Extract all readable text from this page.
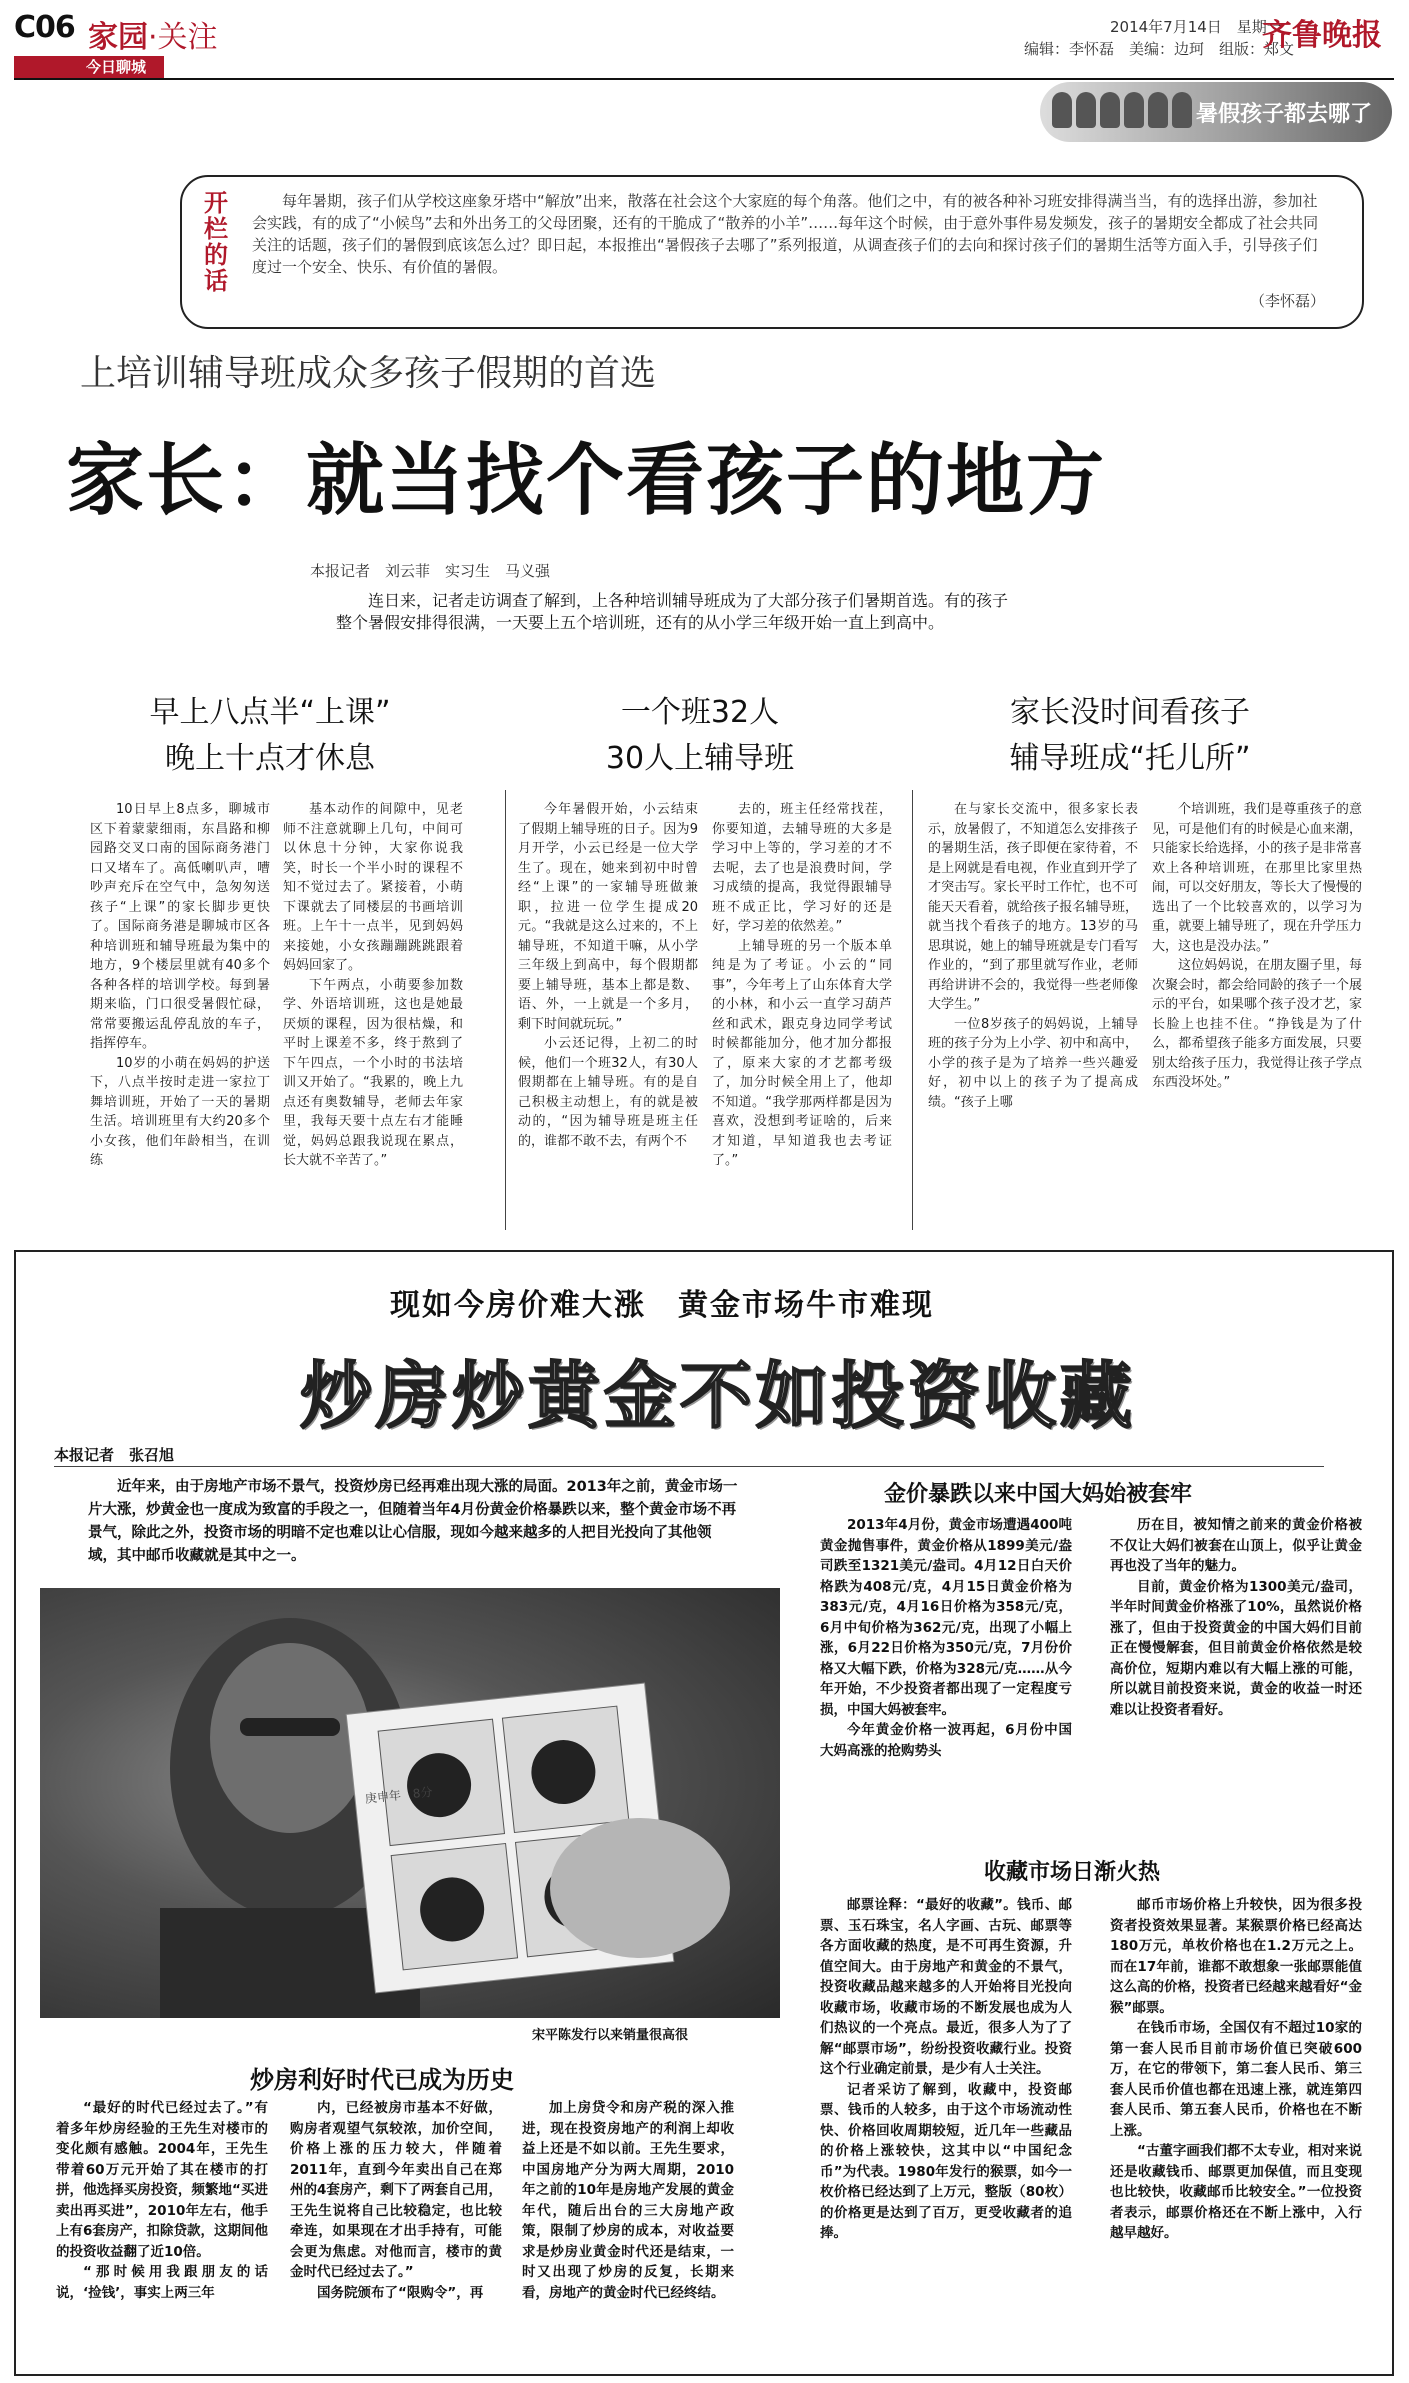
C06 家园·关注
今日聊城
2014年7月14日　星期一
编辑：李怀磊　美编：边珂　组版：郑文
齐鲁晚报
暑假孩子都去哪了
开栏的话
每年暑期，孩子们从学校这座象牙塔中“解放”出来，散落在社会这个大家庭的每个角落。他们之中，有的被各种补习班安排得满当当，有的选择出游，参加社会实践，有的成了“小候鸟”去和外出务工的父母团聚，还有的干脆成了“散养的小羊”……每年这个时候，由于意外事件易发频发，孩子的暑期安全都成了社会共同关注的话题，孩子们的暑假到底该怎么过？即日起，本报推出“暑假孩子去哪了”系列报道，从调查孩子们的去向和探讨孩子们的暑期生活等方面入手，引导孩子们度过一个安全、快乐、有价值的暑假。
（李怀磊）
上培训辅导班成众多孩子假期的首选
家长：就当找个看孩子的地方
本报记者　刘云菲　实习生　马义强
连日来，记者走访调查了解到，上各种培训辅导班成为了大部分孩子们暑期首选。有的孩子整个暑假安排得很满，一天要上五个培训班，还有的从小学三年级开始一直上到高中。
早上八点半“上课”
晚上十点才休息
一个班32人
30人上辅导班
家长没时间看孩子
辅导班成“托儿所”

10日早上8点多，聊城市区下着蒙蒙细雨，东昌路和柳园路交叉口南的国际商务港门口又堵车了。高低喇叭声，嘈吵声充斥在空气中，急匆匆送孩子“上课”的家长脚步更快了。国际商务港是聊城市区各种培训班和辅导班最为集中的地方，9个楼层里就有40多个各种各样的培训学校。每到暑期来临，门口很受暑假忙碌，常常要搬运乱停乱放的车子，指挥停车。

10岁的小萌在妈妈的护送下，八点半按时走进一家拉丁舞培训班，开始了一天的暑期生活。培训班里有大约20多个小女孩，他们年龄相当，在训练

基本动作的间隙中，见老师不注意就聊上几句，中间可以休息十分钟，大家你说我笑，时长一个半小时的课程不知不觉过去了。紧接着，小萌下课就去了同楼层的书画培训班。上午十一点半，见到妈妈来接她，小女孩蹦蹦跳跳跟着妈妈回家了。

下午两点，小萌要参加数学、外语培训班，这也是她最厌烦的课程，因为很枯燥，和平时上课差不多，终于熬到了下午四点，一个小时的书法培训又开始了。“我累的，晚上九点还有奥数辅导，老师去年家里，我每天要十点左右才能睡觉，妈妈总跟我说现在累点，长大就不辛苦了。”

今年暑假开始，小云结束了假期上辅导班的日子。因为9月开学，小云已经是一位大学生了。现在，她来到初中时曾经“上课”的一家辅导班做兼职，拉进一位学生提成20元。“我就是这么过来的，不上辅导班，不知道干嘛，从小学三年级上到高中，每个假期都要上辅导班，基本上都是数、语、外，一上就是一个多月，剩下时间就玩玩。”

小云还记得，上初二的时候，他们一个班32人，有30人假期都在上辅导班。有的是自己积极主动想上，有的就是被动的，“因为辅导班是班主任的，谁都不敢不去，有两个不

去的，班主任经常找茬，你要知道，去辅导班的大多是学习中上等的，学习差的才不去呢，去了也是浪费时间，学习成绩的提高，我觉得跟辅导班不成正比，学习好的还是好，学习差的依然差。”

上辅导班的另一个版本单纯是为了考证。小云的“同事”，今年考上了山东体育大学的小林，和小云一直学习葫芦丝和武术，跟克身边同学考试时候都能加分，他才加分都报了，原来大家的才艺都考级了，加分时候全用上了，他却不知道。“我学那两样都是因为喜欢，没想到考证啥的，后来才知道，早知道我也去考证了。”

在与家长交流中，很多家长表示，放暑假了，不知道怎么安排孩子的暑期生活，孩子即便在家待着，不是上网就是看电视，作业直到开学了才突击写。家长平时工作忙，也不可能天天看着，就给孩子报名辅导班，就当找个看孩子的地方。13岁的马思琪说，她上的辅导班就是专门看写作业的，“到了那里就写作业，老师再给讲讲不会的，我觉得一些老师像大学生。”

一位8岁孩子的妈妈说，上辅导班的孩子分为上小学、初中和高中，小学的孩子是为了培养一些兴趣爱好，初中以上的孩子为了提高成绩。“孩子上哪

个培训班，我们是尊重孩子的意见，可是他们有的时候是心血来潮，只能家长给选择，小的孩子是非常喜欢上各种培训班，在那里比家里热闹，可以交好朋友，等长大了慢慢的选出了一个比较喜欢的，以学习为重，就要上辅导班了，现在升学压力大，这也是没办法。”

这位妈妈说，在朋友圈子里，每次聚会时，都会给同龄的孩子一个展示的平台，如果哪个孩子没才艺，家长脸上也挂不住。“挣钱是为了什么，都希望孩子能多方面发展，只要别太给孩子压力，我觉得让孩子学点东西没坏处。”

现如今房价难大涨　黄金市场牛市难现
炒房炒黄金不如投资收藏
本报记者　张召旭
近年来，由于房地产市场不景气，投资炒房已经再难出现大涨的局面。2013年之前，黄金市场一片大涨，炒黄金也一度成为致富的手段之一，但随着当年4月份黄金价格暴跌以来，整个黄金市场不再景气，除此之外，投资市场的明暗不定也难以让心信服，现如今越来越多的人把目光投向了其他领域，其中邮币收藏就是其中之一。
庚申年　8分
宋平陈发行以来销量很高很
炒房利好时代已成为历史

“最好的时代已经过去了。”有着多年炒房经验的王先生对楼市的变化颇有感触。2004年，王先生带着60万元开始了其在楼市的打拼，他选择买房投资，频繁地“买进卖出再买进”，2010年左右，他手上有6套房产，扣除贷款，这期间他的投资收益翻了近10倍。

“那时候用我跟朋友的话说，‘捡钱’，事实上两三年

内，已经被房市基本不好做，购房者观望气氛较浓，加价空间，价格上涨的压力较大，伴随着2011年，直到今年卖出自己在郑州的4套房产，剩下了两套自己用，王先生说将自己比较稳定，也比较牵连，如果现在才出手持有，可能会更为焦虑。对他而言，楼市的黄金时代已经过去了。”

国务院颁布了“限购令”，再

加上房贷令和房产税的深入推进，现在投资房地产的利润上却收益上还是不如以前。王先生要求，中国房地产分为两大周期，2010年之前的10年是房地产发展的黄金年代，随后出台的三大房地产政策，限制了炒房的成本，对收益要求是炒房业黄金时代还是结束，一时又出现了炒房的反复，长期来看，房地产的黄金时代已经终结。

金价暴跌以来中国大妈始被套牢

2013年4月份，黄金市场遭遇400吨黄金抛售事件，黄金价格从1899美元/盎司跌至1321美元/盎司。4月12日白天价格跌为408元/克，4月15日黄金价格为383元/克，4月16日价格为358元/克，6月中旬价格为362元/克，出现了小幅上涨，6月22日价格为350元/克，7月份价格又大幅下跌，价格为328元/克……从今年开始，不少投资者都出现了一定程度亏损，中国大妈被套牢。

今年黄金价格一波再起，6月份中国大妈高涨的抢购势头

历在目，被知情之前来的黄金价格被不仅让大妈们被套在山顶上，似乎让黄金再也没了当年的魅力。

目前，黄金价格为1300美元/盎司，半年时间黄金价格涨了10%，虽然说价格涨了，但由于投资黄金的中国大妈们目前正在慢慢解套，但目前黄金价格依然是较高价位，短期内难以有大幅上涨的可能，所以就目前投资来说，黄金的收益一时还难以让投资者看好。

收藏市场日渐火热

邮票诠释：“最好的收藏”。钱币、邮票、玉石珠宝，名人字画、古玩、邮票等各方面收藏的热度，是不可再生资源，升值空间大。由于房地产和黄金的不景气，投资收藏品越来越多的人开始将目光投向收藏市场，收藏市场的不断发展也成为人们热议的一个亮点。最近，很多人为了了解“邮票市场”，纷纷投资收藏行业。投资这个行业确定前景，是少有人士关注。

记者采访了解到，收藏中，投资邮票、钱币的人较多，由于这个市场流动性快、价格回收周期较短，近几年一些藏品的价格上涨较快，这其中以“中国纪念币”为代表。1980年发行的猴票，如今一枚价格已经达到了上万元，整版（80枚）的价格更是达到了百万，更受收藏者的追捧。

邮币市场价格上升较快，因为很多投资者投资效果显著。某猴票价格已经高达180万元，单枚价格也在1.2万元之上。而在17年前，谁都不敢想象一张邮票能值这么高的价格，投资者已经越来越看好“金猴”邮票。

在钱币市场，全国仅有不超过10家的第一套人民币目前市场价值已突破600万，在它的带领下，第二套人民币、第三套人民币价值也都在迅速上涨，就连第四套人民币、第五套人民币，价格也在不断上涨。

“古董字画我们都不太专业，相对来说还是收藏钱币、邮票更加保值，而且变现也比较快，收藏邮币比较安全。”一位投资者表示，邮票价格还在不断上涨中，入行越早越好。
